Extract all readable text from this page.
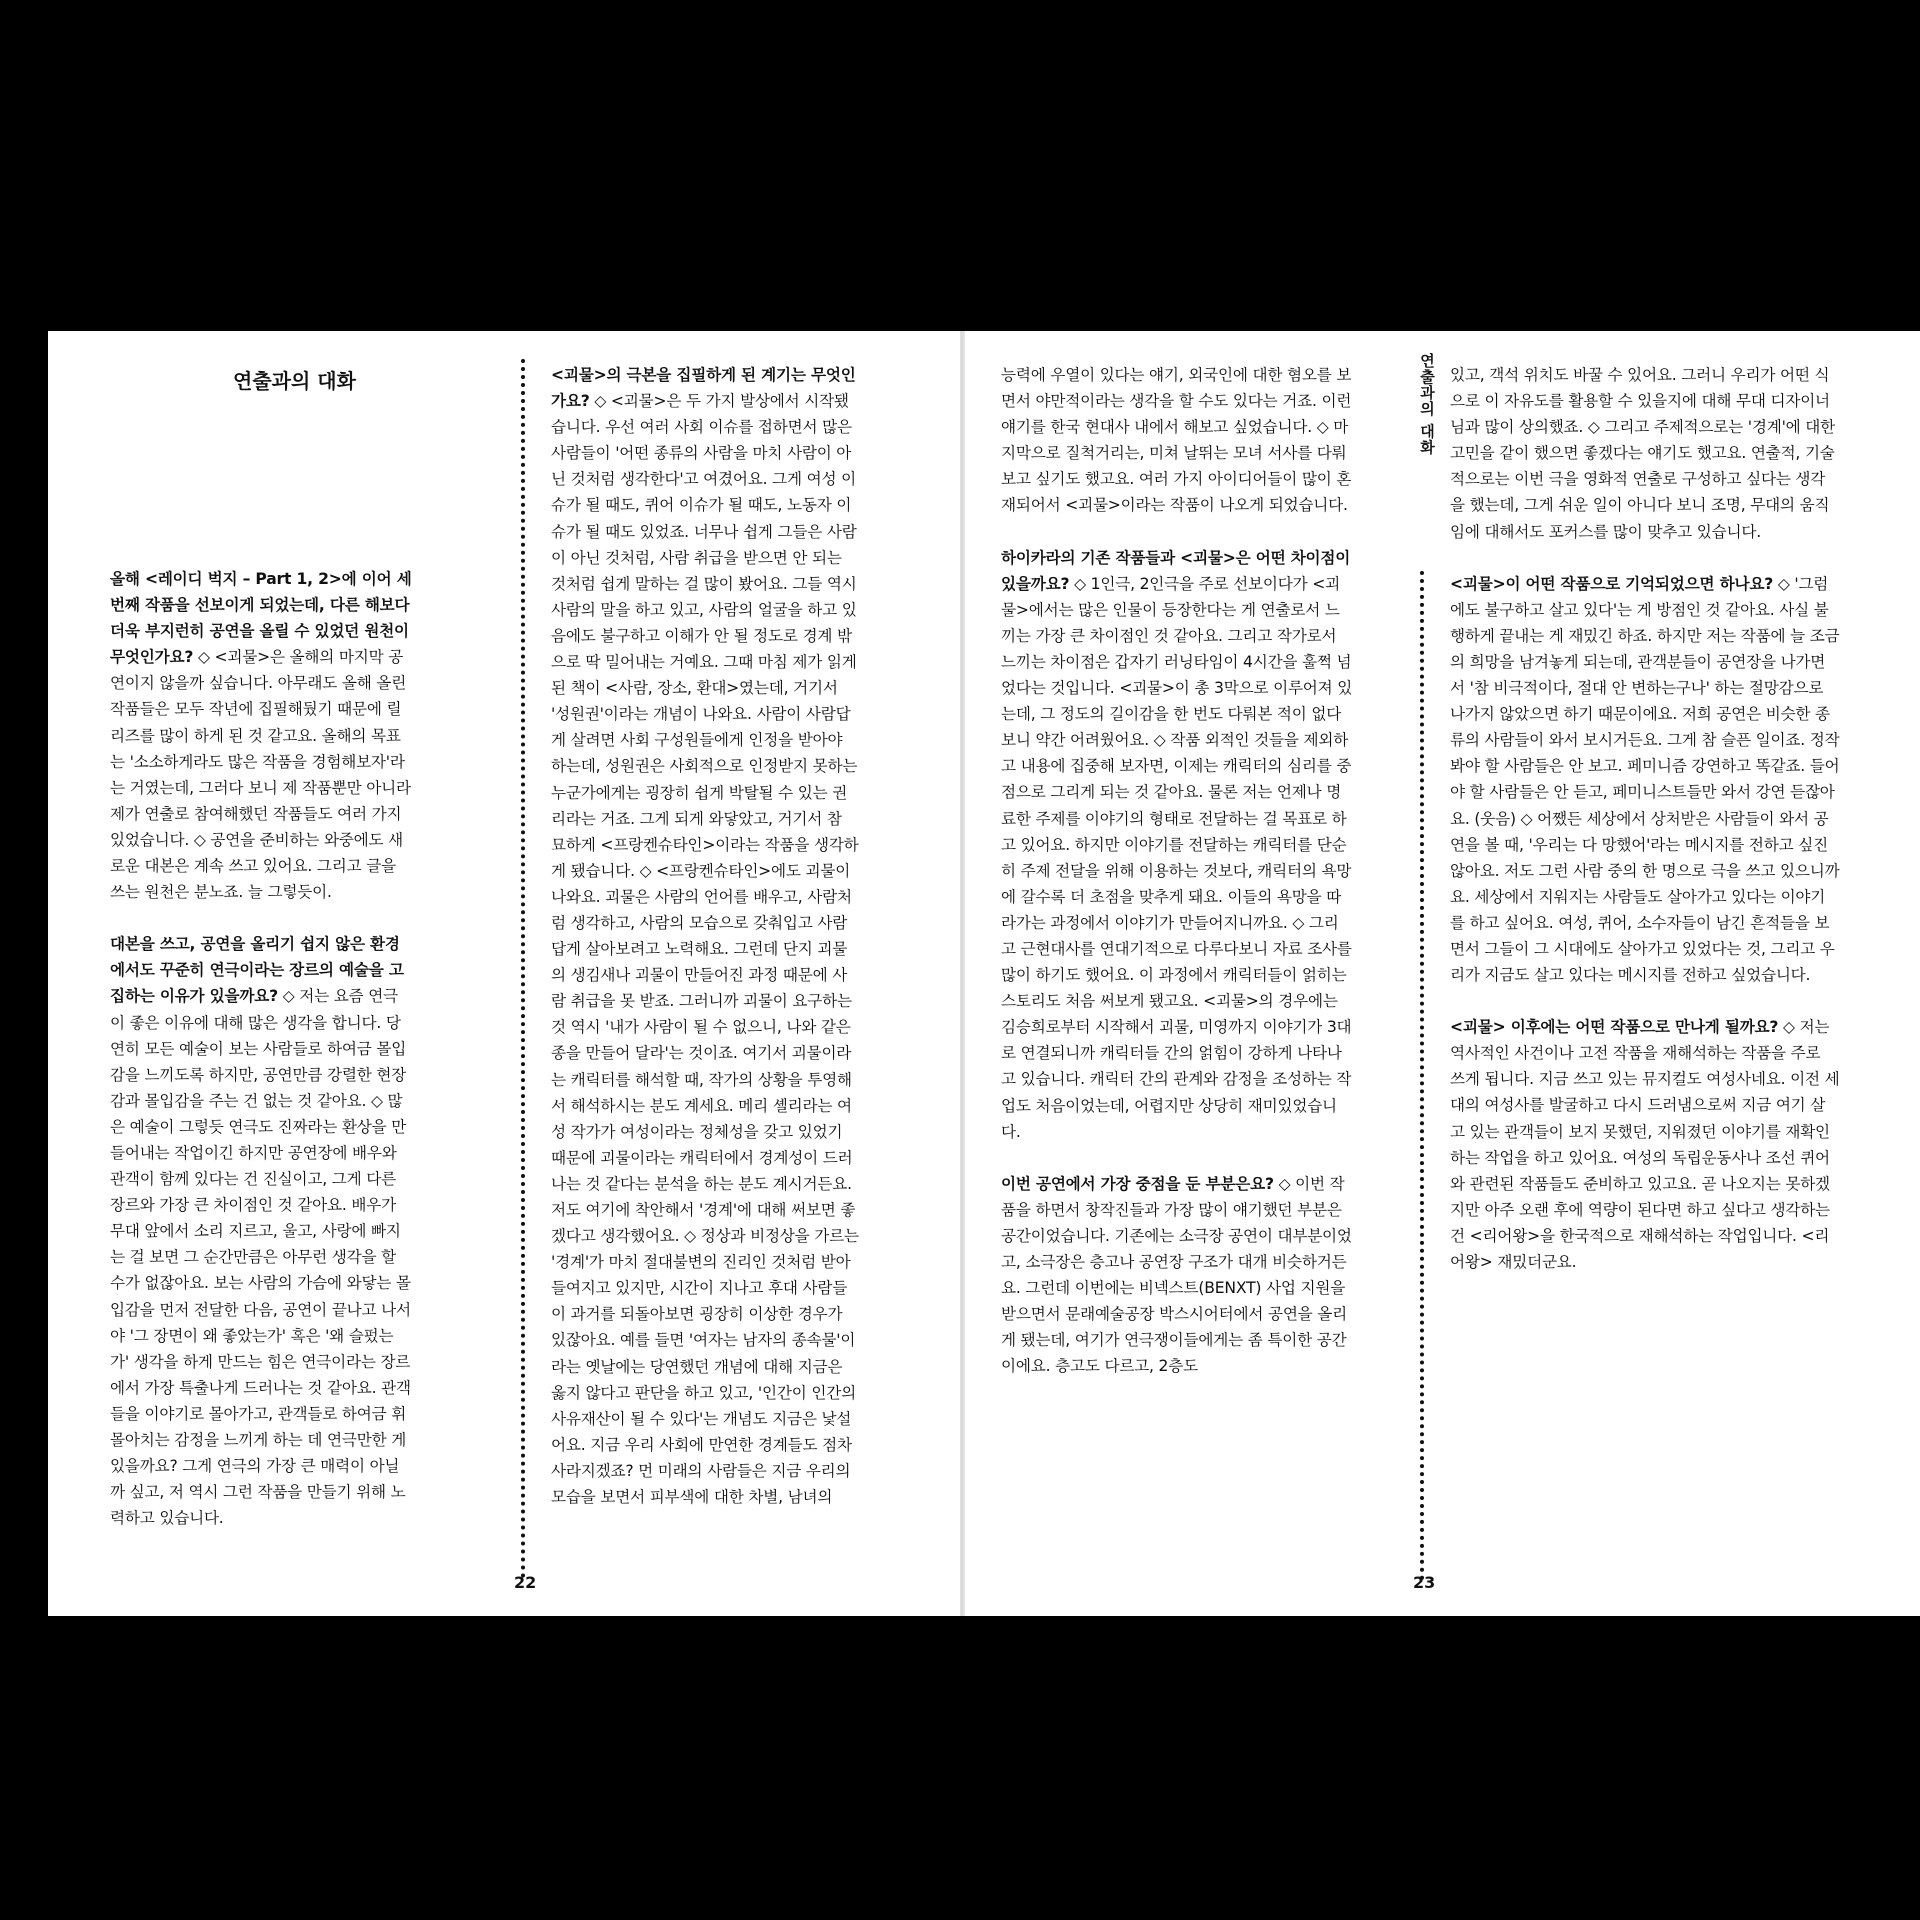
연출과의 대화

올해 <레이디 벅지 – Part 1, 2>에 이어 세 번째 작품을 선보이게 되었는데, 다른 해보다 더욱 부지런히 공연을 올릴 수 있었던 원천이 무엇인가요? ◇ <괴물>은 올해의 마지막 공연이지 않을까 싶습니다. 아무래도 올해 올린 작품들은 모두 작년에 집필해뒀기 때문에 릴리즈를 많이 하게 된 것 같고요. 올해의 목표는 '소소하게라도 많은 작품을 경험해보자'라는 거였는데, 그러다 보니 제 작품뿐만 아니라 제가 연출로 참여해했던 작품들도 여러 가지 있었습니다. ◇ 공연을 준비하는 와중에도 새로운 대본은 계속 쓰고 있어요. 그리고 글을 쓰는 원천은 분노죠. 늘 그렇듯이.

대본을 쓰고, 공연을 올리기 쉽지 않은 환경에서도 꾸준히 연극이라는 장르의 예술을 고집하는 이유가 있을까요? ◇ 저는 요즘 연극이 좋은 이유에 대해 많은 생각을 합니다. 당연히 모든 예술이 보는 사람들로 하여금 몰입감을 느끼도록 하지만, 공연만큼 강렬한 현장감과 몰입감을 주는 건 없는 것 같아요. ◇ 많은 예술이 그렇듯 연극도 진짜라는 환상을 만들어내는 작업이긴 하지만 공연장에 배우와 관객이 함께 있다는 건 진실이고, 그게 다른 장르와 가장 큰 차이점인 것 같아요. 배우가 무대 앞에서 소리 지르고, 울고, 사랑에 빠지는 걸 보면 그 순간만큼은 아무런 생각을 할 수가 없잖아요. 보는 사람의 가슴에 와닿는 몰입감을 먼저 전달한 다음, 공연이 끝나고 나서야 '그 장면이 왜 좋았는가' 혹은 '왜 슬펐는가' 생각을 하게 만드는 힘은 연극이라는 장르에서 가장 특출나게 드러나는 것 같아요. 관객들을 이야기로 몰아가고, 관객들로 하여금 휘몰아치는 감정을 느끼게 하는 데 연극만한 게 있을까요? 그게 연극의 가장 큰 매력이 아닐까 싶고, 저 역시 그런 작품을 만들기 위해 노력하고 있습니다.

<괴물>의 극본을 집필하게 된 계기는 무엇인가요? ◇ <괴물>은 두 가지 발상에서 시작됐습니다. 우선 여러 사회 이슈를 접하면서 많은 사람들이 '어떤 종류의 사람을 마치 사람이 아닌 것처럼 생각한다'고 여겼어요. 그게 여성 이슈가 될 때도, 퀴어 이슈가 될 때도, 노동자 이슈가 될 때도 있었죠. 너무나 쉽게 그들은 사람이 아닌 것처럼, 사람 취급을 받으면 안 되는 것처럼 쉽게 말하는 걸 많이 봤어요. 그들 역시 사람의 말을 하고 있고, 사람의 얼굴을 하고 있음에도 불구하고 이해가 안 될 정도로 경계 밖으로 딱 밀어내는 거예요. 그때 마침 제가 읽게 된 책이 <사람, 장소, 환대>였는데, 거기서 '성원권'이라는 개념이 나와요. 사람이 사람답게 살려면 사회 구성원들에게 인정을 받아야 하는데, 성원권은 사회적으로 인정받지 못하는 누군가에게는 굉장히 쉽게 박탈될 수 있는 권리라는 거죠. 그게 되게 와닿았고, 거기서 참 묘하게 <프랑켄슈타인>이라는 작품을 생각하게 됐습니다. ◇ <프랑켄슈타인>에도 괴물이 나와요. 괴물은 사람의 언어를 배우고, 사람처럼 생각하고, 사람의 모습으로 갖춰입고 사람답게 살아보려고 노력해요. 그런데 단지 괴물의 생김새나 괴물이 만들어진 과정 때문에 사람 취급을 못 받죠. 그러니까 괴물이 요구하는 것 역시 '내가 사람이 될 수 없으니, 나와 같은 종을 만들어 달라'는 것이죠. 여기서 괴물이라는 캐릭터를 해석할 때, 작가의 상황을 투영해서 해석하시는 분도 계세요. 메리 셸리라는 여성 작가가 여성이라는 정체성을 갖고 있었기 때문에 괴물이라는 캐릭터에서 경계성이 드러나는 것 같다는 분석을 하는 분도 계시거든요. 저도 여기에 착안해서 '경계'에 대해 써보면 좋겠다고 생각했어요. ◇ 정상과 비정상을 가르는 '경계'가 마치 절대불변의 진리인 것처럼 받아들여지고 있지만, 시간이 지나고 후대 사람들이 과거를 되돌아보면 굉장히 이상한 경우가 있잖아요. 예를 들면 '여자는 남자의 종속물'이라는 옛날에는 당연했던 개념에 대해 지금은 옳지 않다고 판단을 하고 있고, '인간이 인간의 사유재산이 될 수 있다'는 개념도 지금은 낯설어요. 지금 우리 사회에 만연한 경계들도 점차 사라지겠죠? 먼 미래의 사람들은 지금 우리의 모습을 보면서 피부색에 대한 차별, 남녀의

22

능력에 우열이 있다는 얘기, 외국인에 대한 혐오를 보면서 야만적이라는 생각을 할 수도 있다는 거죠. 이런 얘기를 한국 현대사 내에서 해보고 싶었습니다. ◇ 마지막으로 질척거리는, 미쳐 날뛰는 모녀 서사를 다뤄 보고 싶기도 했고요. 여러 가지 아이디어들이 많이 혼재되어서 <괴물>이라는 작품이 나오게 되었습니다.

하이카라의 기존 작품들과 <괴물>은 어떤 차이점이 있을까요? ◇ 1인극, 2인극을 주로 선보이다가 <괴물>에서는 많은 인물이 등장한다는 게 연출로서 느끼는 가장 큰 차이점인 것 같아요. 그리고 작가로서 느끼는 차이점은 갑자기 러닝타임이 4시간을 훌쩍 넘었다는 것입니다. <괴물>이 총 3막으로 이루어져 있는데, 그 정도의 길이감을 한 번도 다뤄본 적이 없다 보니 약간 어려웠어요. ◇ 작품 외적인 것들을 제외하고 내용에 집중해 보자면, 이제는 캐릭터의 심리를 중점으로 그리게 되는 것 같아요. 물론 저는 언제나 명료한 주제를 이야기의 형태로 전달하는 걸 목표로 하고 있어요. 하지만 이야기를 전달하는 캐릭터를 단순히 주제 전달을 위해 이용하는 것보다, 캐릭터의 욕망에 갈수록 더 초점을 맞추게 돼요. 이들의 욕망을 따라가는 과정에서 이야기가 만들어지니까요. ◇ 그리고 근현대사를 연대기적으로 다루다보니 자료 조사를 많이 하기도 했어요. 이 과정에서 캐릭터들이 얽히는 스토리도 처음 써보게 됐고요. <괴물>의 경우에는 김승희로부터 시작해서 괴물, 미영까지 이야기가 3대로 연결되니까 캐릭터들 간의 얽힘이 강하게 나타나고 있습니다. 캐릭터 간의 관계와 감정을 조성하는 작업도 처음이었는데, 어렵지만 상당히 재미있었습니다.

이번 공연에서 가장 중점을 둔 부분은요? ◇ 이번 작품을 하면서 창작진들과 가장 많이 얘기했던 부분은 공간이었습니다. 기존에는 소극장 공연이 대부분이었고, 소극장은 층고나 공연장 구조가 대개 비슷하거든요. 그런데 이번에는 비넥스트(BENXT) 사업 지원을 받으면서 문래예술공장 박스시어터에서 공연을 올리게 됐는데, 여기가 연극쟁이들에게는 좀 특이한 공간이에요. 층고도 다르고, 2층도

연출과의 대화 있고, 객석 위치도 바꿀 수 있어요. 그러니 우리가 어떤 식으로 이 자유도를 활용할 수 있을지에 대해 무대 디자이너님과 많이 상의했죠. ◇ 그리고 주제적으로는 '경계'에 대한 고민을 같이 했으면 좋겠다는 얘기도 했고요. 연출적, 기술적으로는 이번 극을 영화적 연출로 구성하고 싶다는 생각을 했는데, 그게 쉬운 일이 아니다 보니 조명, 무대의 움직임에 대해서도 포커스를 많이 맞추고 있습니다.

<괴물>이 어떤 작품으로 기억되었으면 하나요? ◇ '그럼에도 불구하고 살고 있다'는 게 방점인 것 같아요. 사실 불행하게 끝내는 게 재밌긴 하죠. 하지만 저는 작품에 늘 조금의 희망을 남겨놓게 되는데, 관객분들이 공연장을 나가면서 '참 비극적이다, 절대 안 변하는구나' 하는 절망감으로 나가지 않았으면 하기 때문이에요. 저희 공연은 비슷한 종류의 사람들이 와서 보시거든요. 그게 참 슬픈 일이죠. 정작 봐야 할 사람들은 안 보고. 페미니즘 강연하고 똑같죠. 들어야 할 사람들은 안 듣고, 페미니스트들만 와서 강연 듣잖아요. (웃음) ◇ 어쨌든 세상에서 상처받은 사람들이 와서 공연을 볼 때, '우리는 다 망했어'라는 메시지를 전하고 싶진 않아요. 저도 그런 사람 중의 한 명으로 극을 쓰고 있으니까요. 세상에서 지워지는 사람들도 살아가고 있다는 이야기를 하고 싶어요. 여성, 퀴어, 소수자들이 남긴 흔적들을 보면서 그들이 그 시대에도 살아가고 있었다는 것, 그리고 우리가 지금도 살고 있다는 메시지를 전하고 싶었습니다.

<괴물> 이후에는 어떤 작품으로 만나게 될까요? ◇ 저는 역사적인 사건이나 고전 작품을 재해석하는 작품을 주로 쓰게 됩니다. 지금 쓰고 있는 뮤지컬도 여성사네요. 이전 세대의 여성사를 발굴하고 다시 드러냄으로써 지금 여기 살고 있는 관객들이 보지 못했던, 지워졌던 이야기를 재확인하는 작업을 하고 있어요. 여성의 독립운동사나 조선 퀴어와 관련된 작품들도 준비하고 있고요. 곧 나오지는 못하겠지만 아주 오랜 후에 역량이 된다면 하고 싶다고 생각하는 건 <리어왕>을 한국적으로 재해석하는 작업입니다. <리어왕> 재밌더군요.

23
